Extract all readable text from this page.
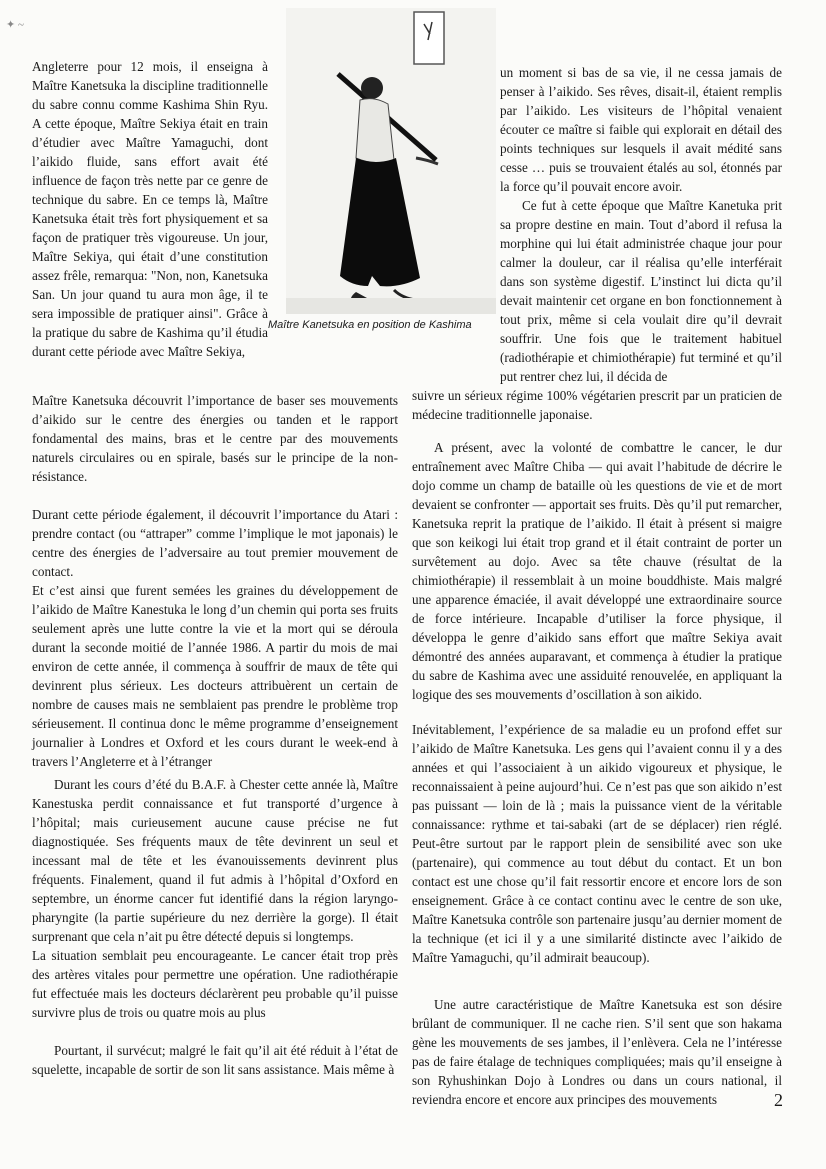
✦ ~
Maître Kanetsuka en position de Kashima

Angleterre pour 12 mois, il enseigna à Maître Kanetsuka la discipline traditionnelle du sabre connu comme Kashima Shin Ryu. A cette époque, Maître Sekiya était en train d’étudier avec Maître Yamaguchi, dont l’aikido fluide, sans effort avait été influence de façon très nette par ce genre de technique du sabre. En ce temps là, Maître Kanetsuka était très fort physiquement et sa façon de pratiquer très vigoureuse. Un jour, Maître Sekiya, qui était d’une constitution assez frêle, remarqua: "Non, non, Kanetsuka San. Un jour quand tu aura mon âge, il te sera impossible de pratiquer ainsi". Grâce à la pratique du sabre de Kashima qu’il étudia durant cette période avec Maître Sekiya,

Maître Kanetsuka découvrit l’importance de baser ses mouvements d’aikido sur le centre des énergies ou tanden et le rapport fondamental des mains, bras et le centre par des mouvements naturels circulaires ou en spirale, basés sur le principe de la non-résistance.

Durant cette période également, il découvrit l’importance du Atari : prendre contact (ou “attraper” comme l’implique le mot japonais) le centre des énergies de l’adversaire au tout premier mouvement de contact.

Et c’est ainsi que furent semées les graines du développement de l’aikido de Maître Kanestuka le long d’un chemin qui porta ses fruits seulement après une lutte contre la vie et la mort qui se déroula durant la seconde moitié de l’année 1986. A partir du mois de mai environ de cette année, il commença à souffrir de maux de tête qui devinrent plus sérieux. Les docteurs attribuèrent un certain de nombre de causes mais ne semblaient pas prendre le problème trop sérieusement. Il continua donc le même programme d’enseignement journalier à Londres et Oxford et les cours durant le week-end à travers l’Angleterre et à l’étranger

Durant les cours d’été du B.A.F. à Chester cette année là, Maître Kanestuska perdit connaissance et fut transporté d’urgence à l’hôpital; mais curieusement aucune cause précise ne fut diagnostiquée. Ses fréquents maux de tête devinrent un seul et incessant mal de tête et les évanouissements devinrent plus fréquents. Finalement, quand il fut admis à l’hôpital d’Oxford en septembre, un énorme cancer fut identifié dans la région laryngo-pharyngite (la partie supérieure du nez derrière la gorge). Il était surprenant que cela n’ait pu être détecté depuis si longtemps.

La situation semblait peu encourageante. Le cancer était trop près des artères vitales pour permettre une opération. Une radiothérapie fut effectuée mais les docteurs déclarèrent peu probable qu’il puisse survivre plus de trois ou quatre mois au plus

Pourtant, il survécut; malgré le fait qu’il ait été réduit à l’état de squelette, incapable de sortir de son lit sans assistance. Mais même à

un moment si bas de sa vie, il ne cessa jamais de penser à l’aikido. Ses rêves, disait-il, étaient remplis par l’aikido. Les visiteurs de l’hôpital venaient écouter ce maître si faible qui explorait en détail des points techniques sur lesquels il avait médité sans cesse … puis se trouvaient étalés au sol, étonnés par la force qu’il pouvait encore avoir.

Ce fut à cette époque que Maître Kanetuka prit sa propre destine en main. Tout d’abord il refusa la morphine qui lui était administrée chaque jour pour calmer la douleur, car il réalisa qu’elle interférait dans son système digestif. L’instinct lui dicta qu’il devait maintenir cet organe en bon fonctionnement à tout prix, même si cela voulait dire qu’il devrait souffrir. Une fois que le traitement habituel (radiothérapie et chimiothérapie) fut terminé et qu’il put rentrer chez lui, il décida de
suivre un sérieux régime 100% végétarien prescrit par un praticien de médecine traditionnelle japonaise.

A présent, avec la volonté de combattre le cancer, le dur entraînement avec Maître Chiba — qui avait l’habitude de décrire le dojo comme un champ de bataille où les questions de vie et de mort devaient se confronter — apportait ses fruits. Dès qu’il put remarcher, Kanetsuka reprit la pratique de l’aikido. Il était à présent si maigre que son keikogi lui était trop grand et il était contraint de porter un survêtement au dojo. Avec sa tête chauve (résultat de la chimiothérapie) il ressemblait à un moine bouddhiste. Mais malgré une apparence émaciée, il avait développé une extraordinaire source de force intérieure. Incapable d’utiliser la force physique, il développa le genre d’aikido sans effort que maître Sekiya avait démontré des années auparavant, et commença à étudier la pratique du sabre de Kashima avec une assiduité renouvelée, en appliquant la logique des ses mouvements d’oscillation à son aikido.

Inévitablement, l’expérience de sa maladie eu un profond effet sur l’aikido de Maître Kanetsuka. Les gens qui l’avaient connu il y a des années et qui l’associaient à un aikido vigoureux et physique, le reconnaissaient à peine aujourd’hui. Ce n’est pas que son aikido n’est pas puissant — loin de là ; mais la puissance vient de la véritable connaissance: rythme et tai-sabaki (art de se déplacer) rien réglé. Peut-être surtout par le rapport plein de sensibilité avec son uke (partenaire), qui commence au tout début du contact. Et un bon contact est une chose qu’il fait ressortir encore et encore lors de son enseignement. Grâce à ce contact continu avec le centre de son uke, Maître Kanetsuka contrôle son partenaire jusqu’au dernier moment de la technique (et ici il y a une similarité distincte avec l’aikido de Maître Yamaguchi, qu’il admirait beaucoup).

Une autre caractéristique de Maître Kanetsuka est son désire brûlant de communiquer. Il ne cache rien. S’il sent que son hakama gène les mouvements de ses jambes, il l’enlèvera. Cela ne l’intéresse pas de faire étalage de techniques compliquées; mais qu’il enseigne à son Ryhushinkan Dojo à Londres ou dans un cours national, il reviendra encore et encore aux principes des mouvements	2
